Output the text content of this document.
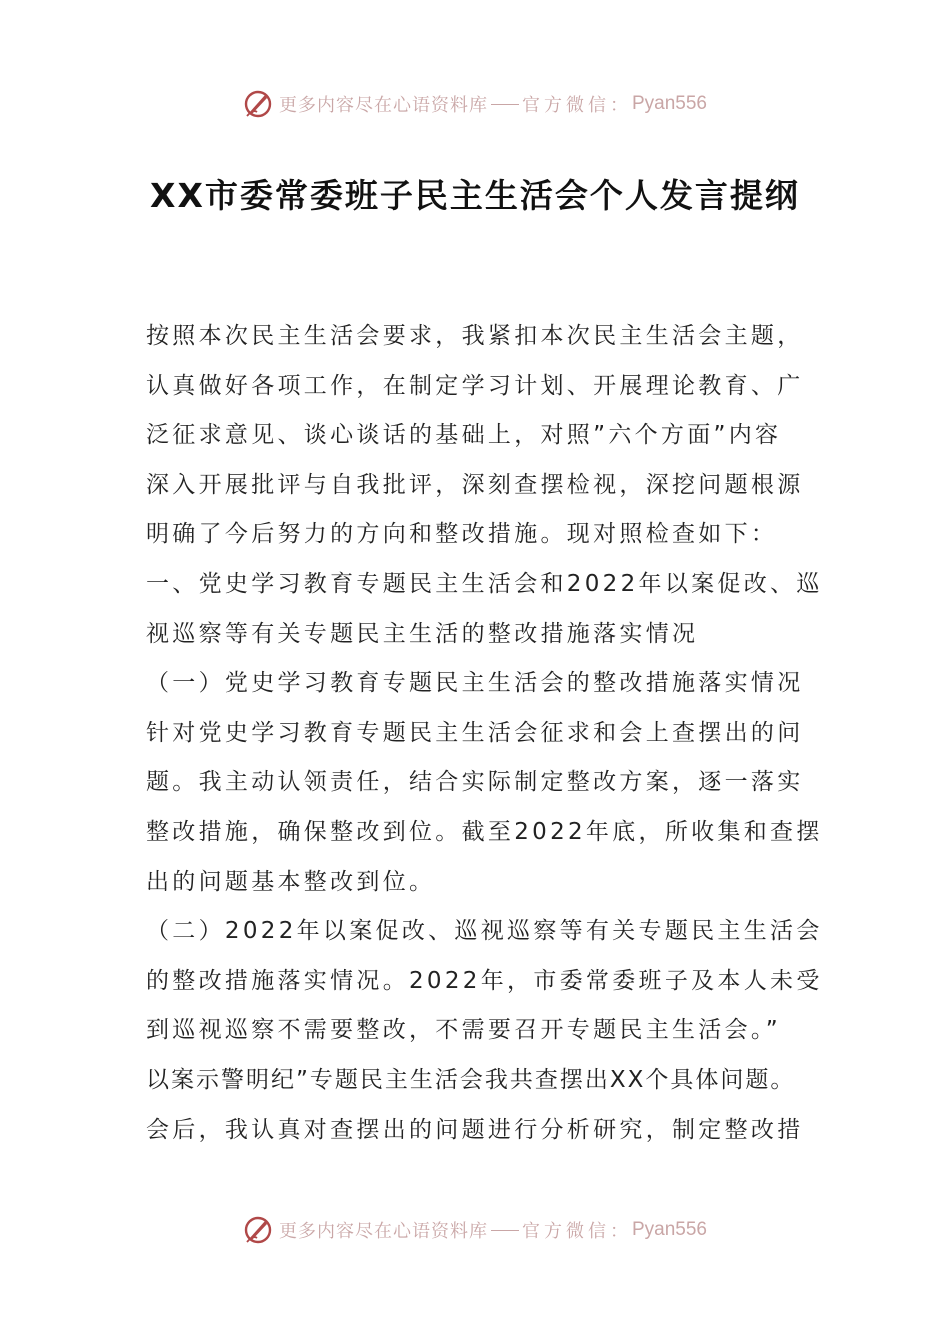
更多内容尽在心语资料库 官方微信： Pyan556
XX市委常委班子民主生活会个人发言提纲
按照本次民主生活会要求，我紧扣本次民主生活会主题，
认真做好各项工作，在制定学习计划、开展理论教育、广
泛征求意见、谈心谈话的基础上，对照”六个方面”内容
深入开展批评与自我批评，深刻查摆检视，深挖问题根源
明确了今后努力的方向和整改措施。现对照检查如下：
一、党史学习教育专题民主生活会和2022年以案促改、巡
视巡察等有关专题民主生活的整改措施落实情况
（一）党史学习教育专题民主生活会的整改措施落实情况
针对党史学习教育专题民主生活会征求和会上查摆出的问
题。我主动认领责任，结合实际制定整改方案，逐一落实
整改措施，确保整改到位。截至2022年底，所收集和查摆
出的问题基本整改到位。
（二）2022年以案促改、巡视巡察等有关专题民主生活会
的整改措施落实情况。2022年，市委常委班子及本人未受
到巡视巡察不需要整改，不需要召开专题民主生活会。”
以案示警明纪”专题民主生活会我共查摆出XX个具体问题。
会后，我认真对查摆出的问题进行分析研究，制定整改措
更多内容尽在心语资料库 官方微信： Pyan556
